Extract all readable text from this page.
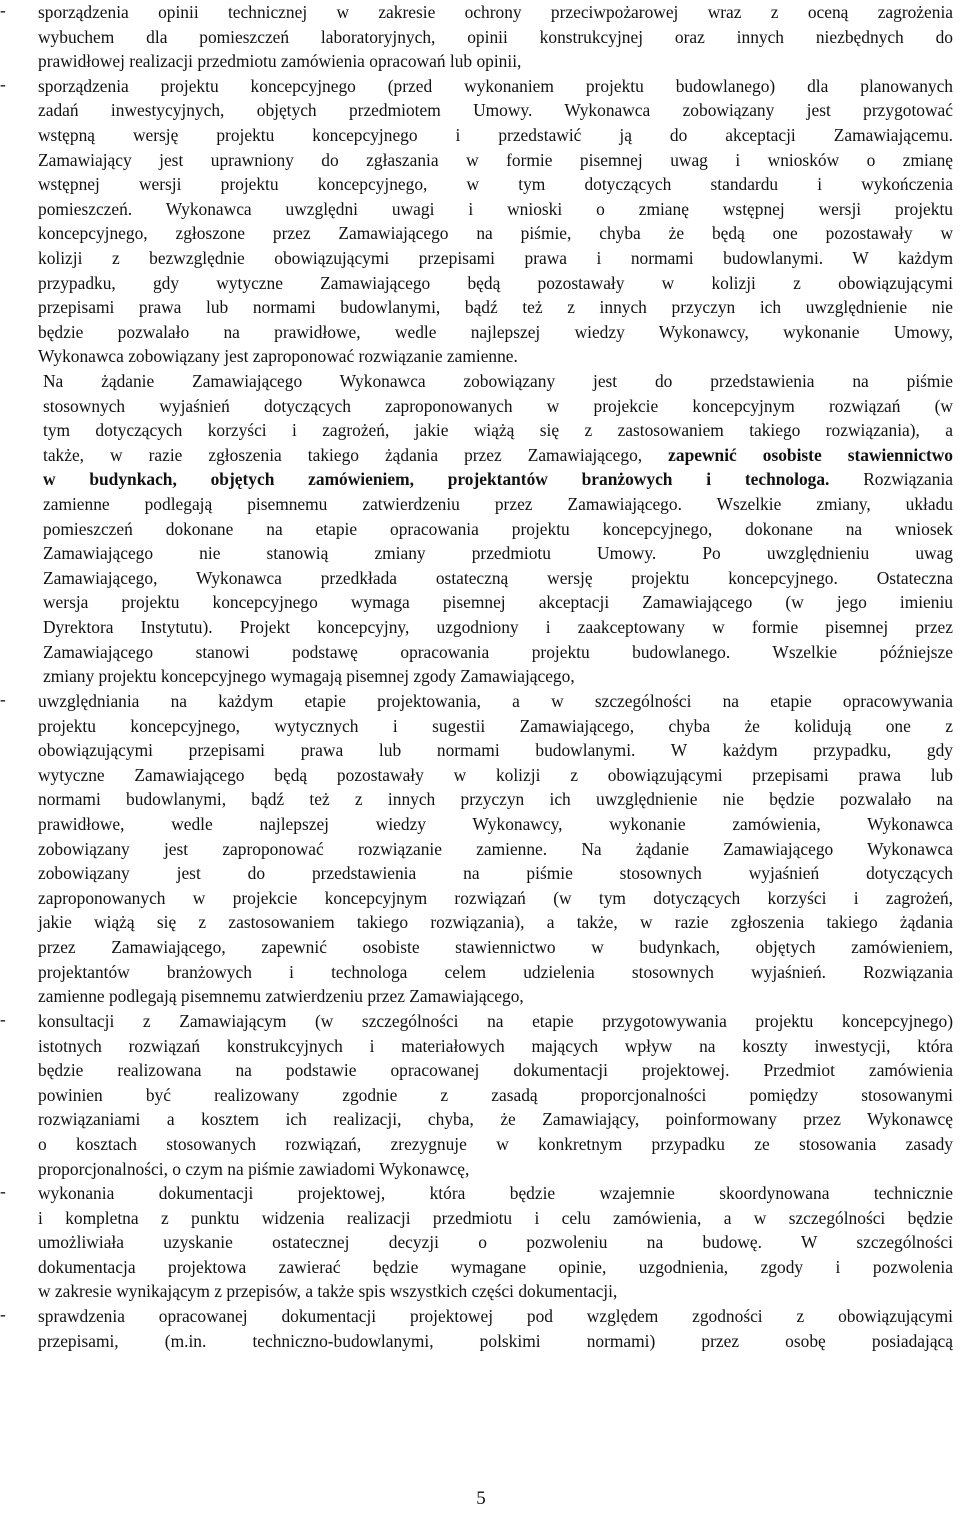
-	sporządzenia opinii technicznej w zakresie ochrony przeciwpożarowej wraz z oceną zagrożenia
wybuchem dla pomieszczeń laboratoryjnych, opinii konstrukcyjnej oraz innych niezbędnych do
prawidłowej realizacji przedmiotu zamówienia opracowań lub opinii,
-	sporządzenia projektu koncepcyjnego (przed wykonaniem projektu budowlanego) dla planowanych
zadań inwestycyjnych, objętych przedmiotem Umowy. Wykonawca zobowiązany jest przygotować
wstępną wersję projektu koncepcyjnego i przedstawić ją do akceptacji Zamawiającemu.
Zamawiający jest uprawniony do zgłaszania w formie pisemnej uwag i wniosków o zmianę
wstępnej wersji projektu koncepcyjnego, w tym dotyczących standardu i wykończenia
pomieszczeń. Wykonawca uwzględni uwagi i wnioski o zmianę wstępnej wersji projektu
koncepcyjnego, zgłoszone przez Zamawiającego na piśmie, chyba że będą one pozostawały w
kolizji z bezwzględnie obowiązującymi przepisami prawa i normami budowlanymi. W każdym
przypadku, gdy wytyczne Zamawiającego będą pozostawały w kolizji z obowiązującymi
przepisami prawa lub normami budowlanymi, bądź też z innych przyczyn ich uwzględnienie nie
będzie pozwalało na prawidłowe, wedle najlepszej wiedzy Wykonawcy, wykonanie Umowy,
Wykonawca zobowiązany jest zaproponować rozwiązanie zamienne.
Na żądanie Zamawiającego Wykonawca zobowiązany jest do przedstawienia na piśmie
stosownych wyjaśnień dotyczących zaproponowanych w projekcie koncepcyjnym rozwiązań (w
tym dotyczących korzyści i zagrożeń, jakie wiążą się z zastosowaniem takiego rozwiązania), a
także, w razie zgłoszenia takiego żądania przez Zamawiającego, zapewnić osobiste stawiennictwo
w budynkach, objętych zamówieniem, projektantów branżowych i technologa. Rozwiązania
zamienne podlegają pisemnemu zatwierdzeniu przez Zamawiającego. Wszelkie zmiany, układu
pomieszczeń dokonane na etapie opracowania projektu koncepcyjnego, dokonane na wniosek
Zamawiającego nie stanowią zmiany przedmiotu Umowy. Po uwzględnieniu uwag
Zamawiającego, Wykonawca przedkłada ostateczną wersję projektu koncepcyjnego. Ostateczna
wersja projektu koncepcyjnego wymaga pisemnej akceptacji Zamawiającego (w jego imieniu
Dyrektora Instytutu). Projekt koncepcyjny, uzgodniony i zaakceptowany w formie pisemnej przez
Zamawiającego stanowi podstawę opracowania projektu budowlanego. Wszelkie późniejsze
zmiany projektu koncepcyjnego wymagają pisemnej zgody Zamawiającego,
-	uwzględniania na każdym etapie projektowania, a w szczególności na etapie opracowywania
projektu koncepcyjnego, wytycznych i sugestii Zamawiającego, chyba że kolidują one z
obowiązującymi przepisami prawa lub normami budowlanymi. W każdym przypadku, gdy
wytyczne Zamawiającego będą pozostawały w kolizji z obowiązującymi przepisami prawa lub
normami budowlanymi, bądź też z innych przyczyn ich uwzględnienie nie będzie pozwalało na
prawidłowe, wedle najlepszej wiedzy Wykonawcy, wykonanie zamówienia, Wykonawca
zobowiązany jest zaproponować rozwiązanie zamienne. Na żądanie Zamawiającego Wykonawca
zobowiązany jest do przedstawienia na piśmie stosownych wyjaśnień dotyczących
zaproponowanych w projekcie koncepcyjnym rozwiązań (w tym dotyczących korzyści i zagrożeń,
jakie wiążą się z zastosowaniem takiego rozwiązania), a także, w razie zgłoszenia takiego żądania
przez Zamawiającego, zapewnić osobiste stawiennictwo w budynkach, objętych zamówieniem,
projektantów branżowych i technologa celem udzielenia stosownych wyjaśnień. Rozwiązania
zamienne podlegają pisemnemu zatwierdzeniu przez Zamawiającego,
-	konsultacji z Zamawiającym (w szczególności na etapie przygotowywania projektu koncepcyjnego)
istotnych rozwiązań konstrukcyjnych i materiałowych mających wpływ na koszty inwestycji, która
będzie realizowana na podstawie opracowanej dokumentacji projektowej. Przedmiot zamówienia
powinien być realizowany zgodnie z zasadą proporcjonalności pomiędzy stosowanymi
rozwiązaniami a kosztem ich realizacji, chyba, że Zamawiający, poinformowany przez Wykonawcę
o kosztach stosowanych rozwiązań, zrezygnuje w konkretnym przypadku ze stosowania zasady
proporcjonalności, o czym na piśmie zawiadomi Wykonawcę,
-	wykonania dokumentacji projektowej, która będzie wzajemnie skoordynowana technicznie
i kompletna z punktu widzenia realizacji przedmiotu i celu zamówienia, a w szczególności będzie
umożliwiała uzyskanie ostatecznej decyzji o pozwoleniu na budowę. W szczególności
dokumentacja projektowa zawierać będzie wymagane opinie, uzgodnienia, zgody i pozwolenia
w zakresie wynikającym z przepisów, a także spis wszystkich części dokumentacji,
-	sprawdzenia opracowanej dokumentacji projektowej pod względem zgodności z obowiązującymi
przepisami, (m.in. techniczno-budowlanymi, polskimi normami) przez osobę posiadającą
5
